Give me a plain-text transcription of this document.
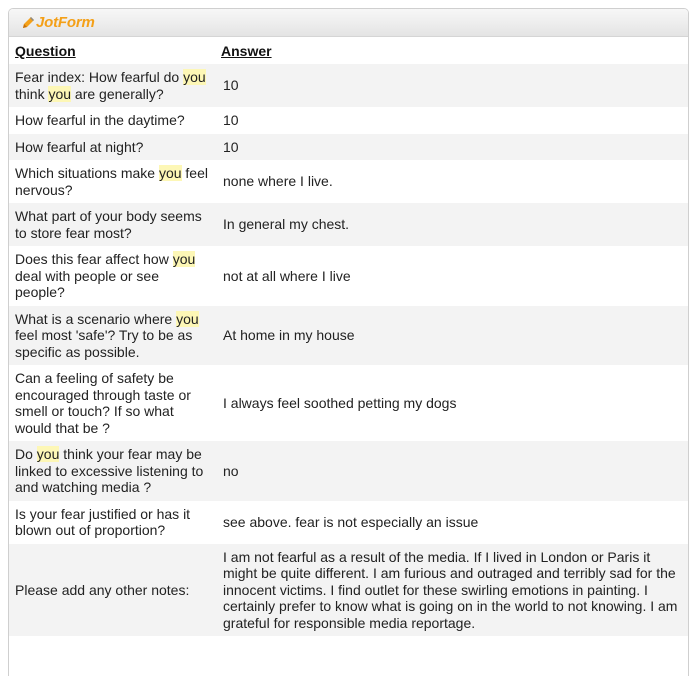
JotForm
Question	Answer
Fear index: How fearful do you think you are generally?	10
How fearful in the daytime?	10
How fearful at night?	10
Which situations make you feel nervous?	none where I live.
What part of your body seems to store fear most?	In general my chest.
Does this fear affect how you deal with people or see people?	not at all where I live
What is a scenario where you feel most 'safe'? Try to be as specific as possible.	At home in my house
Can a feeling of safety be encouraged through taste or smell or touch? If so what would that be ?	I always feel soothed petting my dogs
Do you think your fear may be linked to excessive listening to and watching media ?	no
Is your fear justified or has it blown out of proportion?	see above. fear is not especially an issue
Please add any other notes:	I am not fearful as a result of the media. If I lived in London or Paris it might be quite different. I am furious and outraged and terribly sad for the innocent victims. I find outlet for these swirling emotions in painting. I certainly prefer to know what is going on in the world to not knowing. I am grateful for responsible media reportage.
